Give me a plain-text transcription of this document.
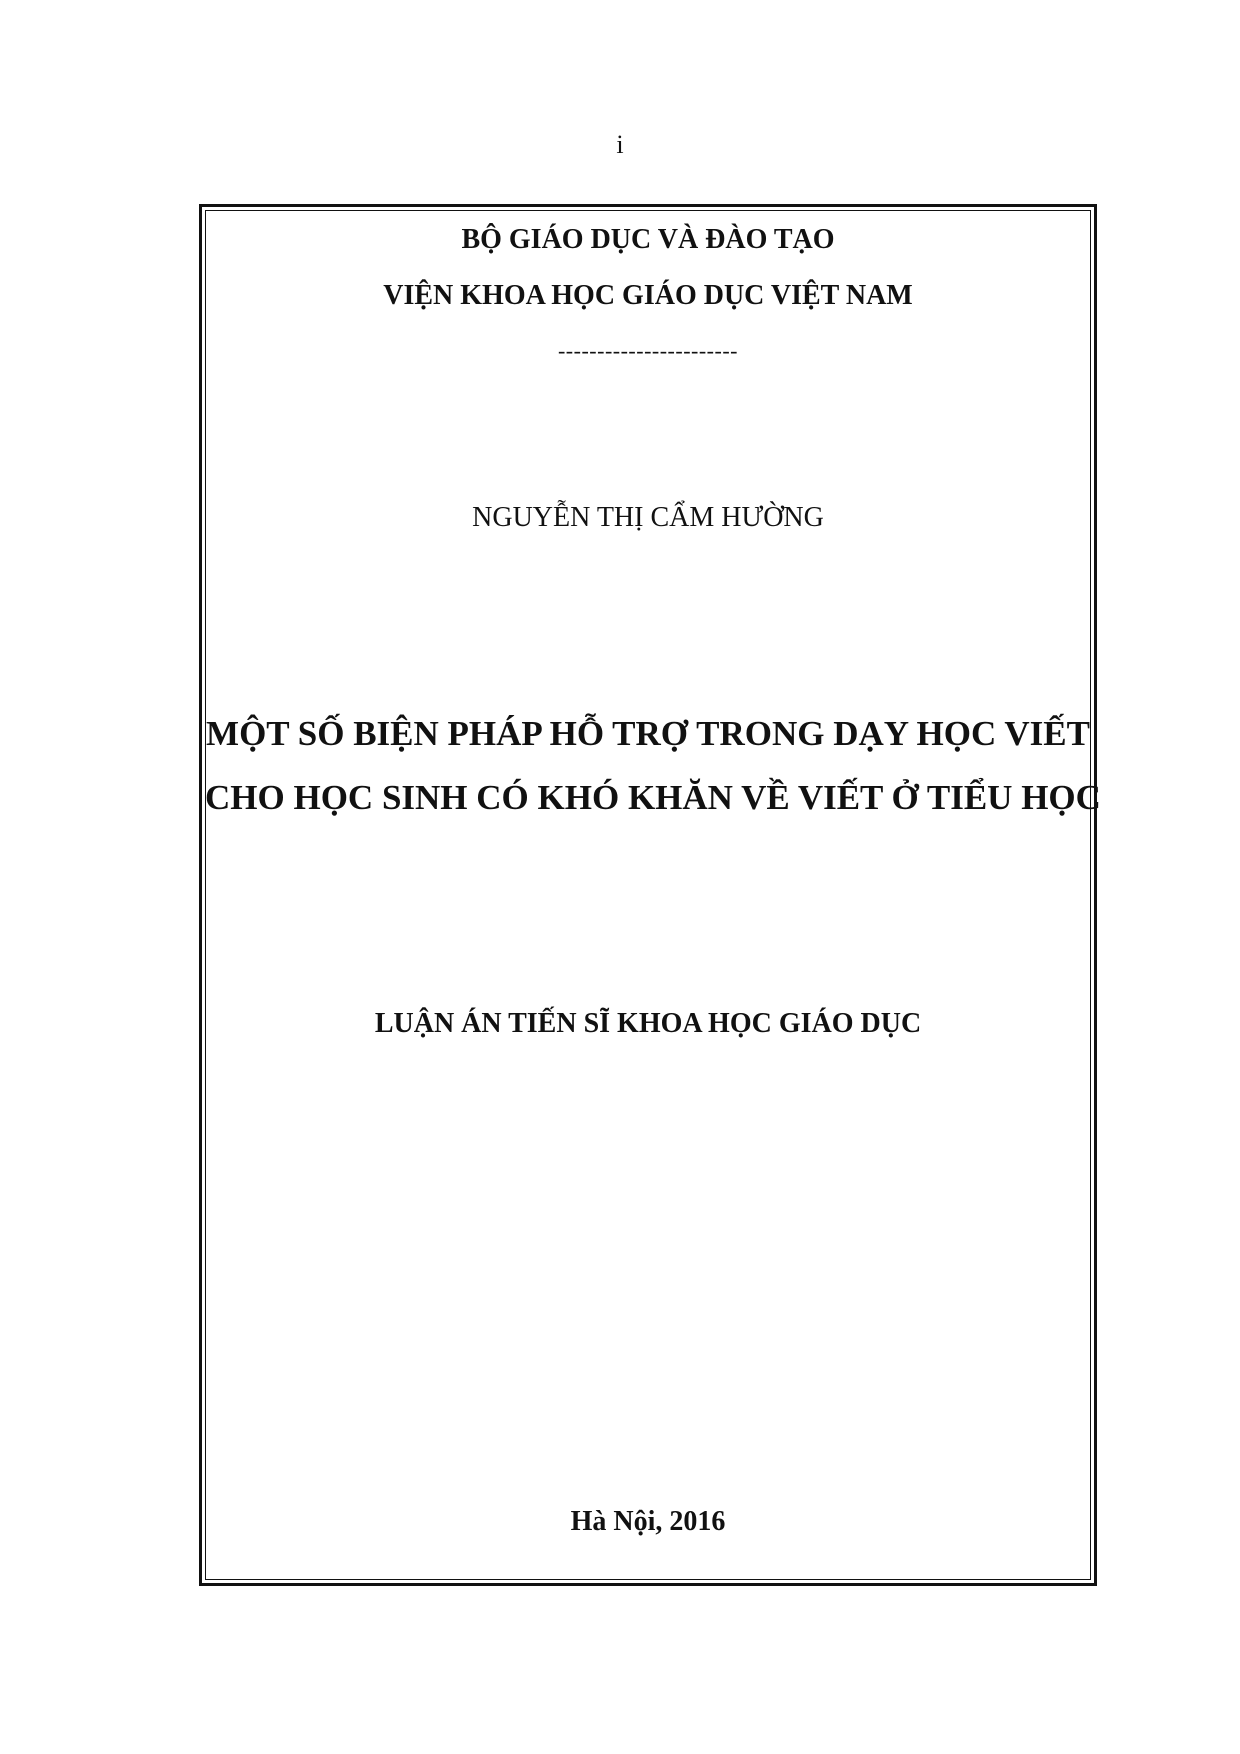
i
BỘ GIÁO DỤC VÀ ĐÀO TẠO
VIỆN KHOA HỌC GIÁO DỤC VIỆT NAM
-----------------------
NGUYỄN THỊ CẨM HƯỜNG
MỘT SỐ BIỆN PHÁP HỖ TRỢ TRONG DẠY HỌC VIẾT
CHO HỌC SINH CÓ KHÓ KHĂN VỀ VIẾT Ở TIỂU HỌC
LUẬN ÁN TIẾN SĨ KHOA HỌC GIÁO DỤC
Hà Nội, 2016
